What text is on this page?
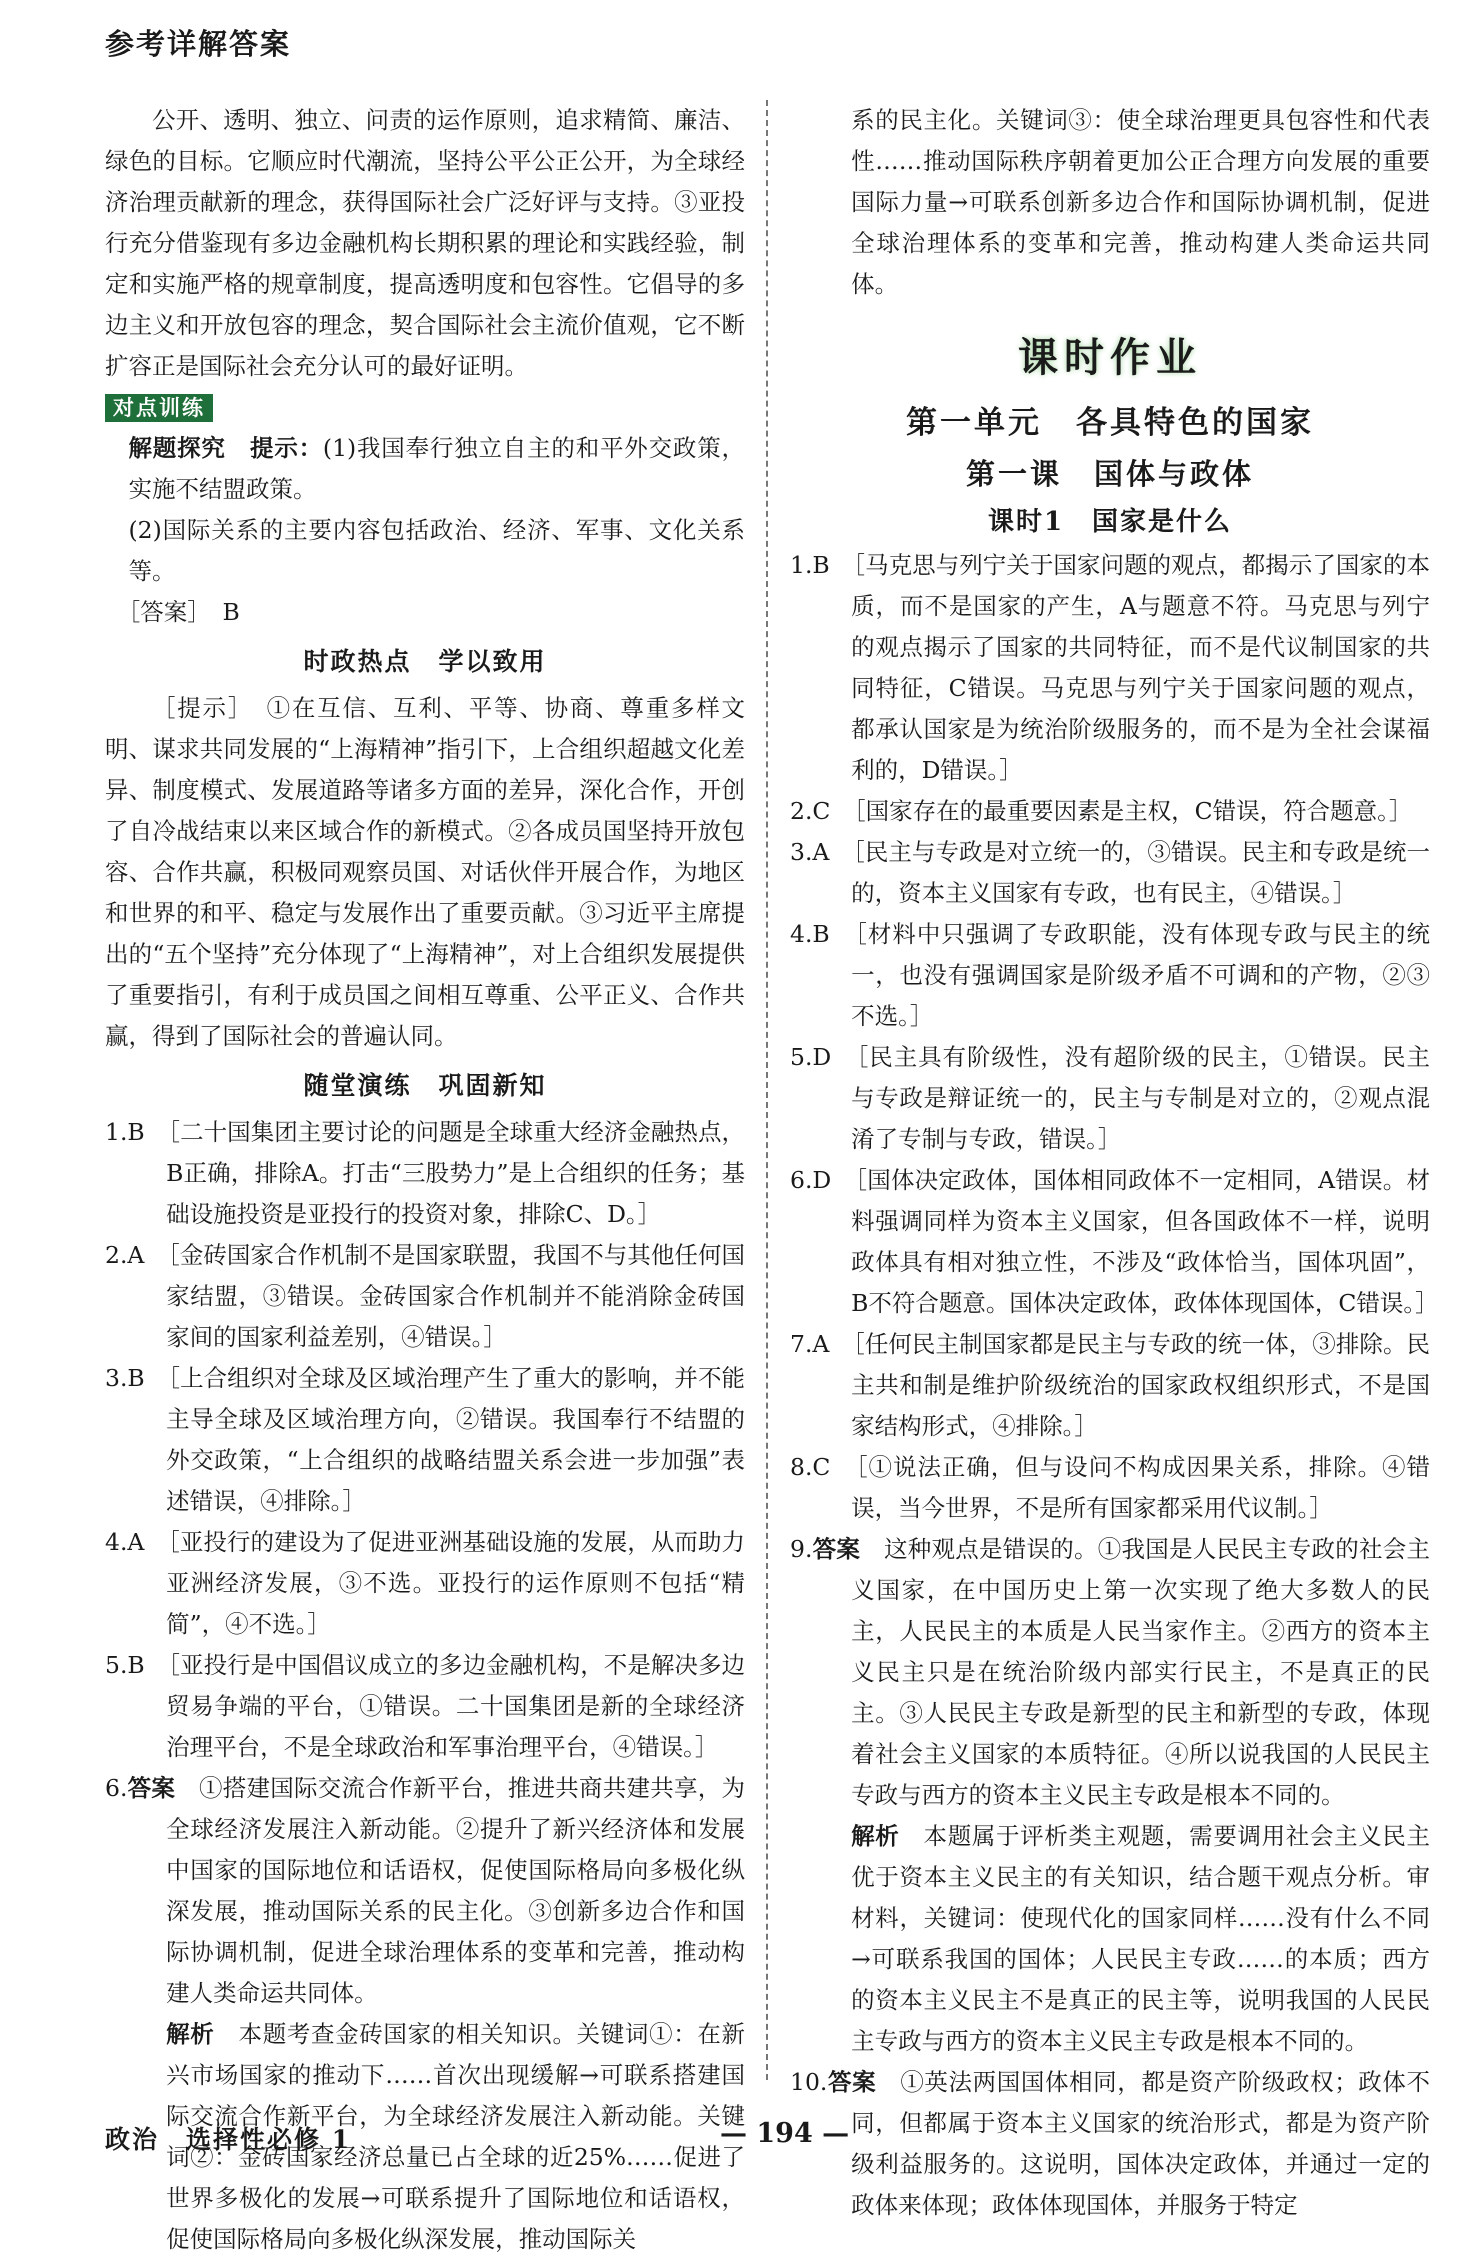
参考详解答案

公开、透明、独立、问责的运作原则，追求精简、廉洁、绿色的目标。它顺应时代潮流，坚持公平公正公开，为全球经济治理贡献新的理念，获得国际社会广泛好评与支持。③亚投行充分借鉴现有多边金融机构长期积累的理论和实践经验，制定和实施严格的规章制度，提高透明度和包容性。它倡导的多边主义和开放包容的理念，契合国际社会主流价值观，它不断扩容正是国际社会充分认可的最好证明。

对点训练

解题探究　 提示：(1)我国奉行独立自主的和平外交政策，实施不结盟政策。

(2)国际关系的主要内容包括政治、经济、军事、文化关系等。

［答案］　 B

时政热点　学以致用

［提示］　 ①在互信、互利、平等、协商、尊重多样文明、谋求共同发展的“上海精神”指引下，上合组织超越文化差异、制度模式、发展道路等诸多方面的差异，深化合作，开创了自冷战结束以来区域合作的新模式。②各成员国坚持开放包容、合作共赢，积极同观察员国、对话伙伴开展合作，为地区和世界的和平、稳定与发展作出了重要贡献。③习近平主席提出的“五个坚持”充分体现了“上海精神”，对上合组织发展提供了重要指引，有利于成员国之间相互尊重、公平正义、合作共赢，得到了国际社会的普遍认同。

随堂演练　巩固新知

1.B　 ［二十国集团主要讨论的问题是全球重大经济金融热点，B正确，排除A。打击“三股势力”是上合组织的任务；基础设施投资是亚投行的投资对象，排除C、D。］

2.A　 ［金砖国家合作机制不是国家联盟，我国不与其他任何国家结盟，③错误。金砖国家合作机制并不能消除金砖国家间的国家利益差别，④错误。］

3.B　 ［上合组织对全球及区域治理产生了重大的影响，并不能主导全球及区域治理方向，②错误。我国奉行不结盟的外交政策，“上合组织的战略结盟关系会进一步加强”表述错误，④排除。］

4.A　 ［亚投行的建设为了促进亚洲基础设施的发展，从而助力亚洲经济发展，③不选。亚投行的运作原则不包括“精简”，④不选。］

5.B　 ［亚投行是中国倡议成立的多边金融机构，不是解决多边贸易争端的平台，①错误。二十国集团是新的全球经济治理平台，不是全球政治和军事治理平台，④错误。］

6.答案　 ①搭建国际交流合作新平台，推进共商共建共享，为全球经济发展注入新动能。②提升了新兴经济体和发展中国家的国际地位和话语权，促使国际格局向多极化纵深发展，推动国际关系的民主化。③创新多边合作和国际协调机制，促进全球治理体系的变革和完善，推动构建人类命运共同体。

解析　 本题考查金砖国家的相关知识。关键词①：在新兴市场国家的推动下……首次出现缓解→可联系搭建国际交流合作新平台，为全球经济发展注入新动能。关键词②：金砖国家经济总量已占全球的近25%……促进了世界多极化的发展→可联系提升了国际地位和话语权，促使国际格局向多极化纵深发展，推动国际关

系的民主化。关键词③：使全球治理更具包容性和代表性……推动国际秩序朝着更加公正合理方向发展的重要国际力量→可联系创新多边合作和国际协调机制，促进全球治理体系的变革和完善，推动构建人类命运共同体。

课时作业
第一单元　各具特色的国家
第一课　国体与政体
课时1　国家是什么

1.B　 ［马克思与列宁关于国家问题的观点，都揭示了国家的本质，而不是国家的产生，A与题意不符。马克思与列宁的观点揭示了国家的共同特征，而不是代议制国家的共同特征，C错误。马克思与列宁关于国家问题的观点，都承认国家是为统治阶级服务的，而不是为全社会谋福利的，D错误。］

2.C　 ［国家存在的最重要因素是主权，C错误，符合题意。］

3.A　 ［民主与专政是对立统一的，③错误。民主和专政是统一的，资本主义国家有专政，也有民主，④错误。］

4.B　 ［材料中只强调了专政职能，没有体现专政与民主的统一，也没有强调国家是阶级矛盾不可调和的产物，②③不选。］

5.D　 ［民主具有阶级性，没有超阶级的民主，①错误。民主与专政是辩证统一的，民主与专制是对立的，②观点混淆了专制与专政，错误。］

6.D　 ［国体决定政体，国体相同政体不一定相同，A错误。材料强调同样为资本主义国家，但各国政体不一样，说明政体具有相对独立性，不涉及“政体恰当，国体巩固”，B不符合题意。国体决定政体，政体体现国体，C错误。］

7.A　 ［任何民主制国家都是民主与专政的统一体，③排除。民主共和制是维护阶级统治的国家政权组织形式，不是国家结构形式，④排除。］

8.C　 ［①说法正确，但与设问不构成因果关系，排除。④错误，当今世界，不是所有国家都采用代议制。］

9.答案　 这种观点是错误的。①我国是人民民主专政的社会主义国家，在中国历史上第一次实现了绝大多数人的民主，人民民主的本质是人民当家作主。②西方的资本主义民主只是在统治阶级内部实行民主，不是真正的民主。③人民民主专政是新型的民主和新型的专政，体现着社会主义国家的本质特征。④所以说我国的人民民主专政与西方的资本主义民主专政是根本不同的。

解析　 本题属于评析类主观题，需要调用社会主义民主优于资本主义民主的有关知识，结合题干观点分析。审材料，关键词：使现代化的国家同样……没有什么不同→可联系我国的国体；人民民主专政……的本质；西方的资本主义民主不是真正的民主等，说明我国的人民民主专政与西方的资本主义民主专政是根本不同的。

10.答案　 ①英法两国国体相同，都是资产阶级政权；政体不同，但都属于资本主义国家的统治形式，都是为资产阶级利益服务的。这说明，国体决定政体，并通过一定的政体来体现；政体体现国体，并服务于特定

政治　选择性必修 1	— 194 —
